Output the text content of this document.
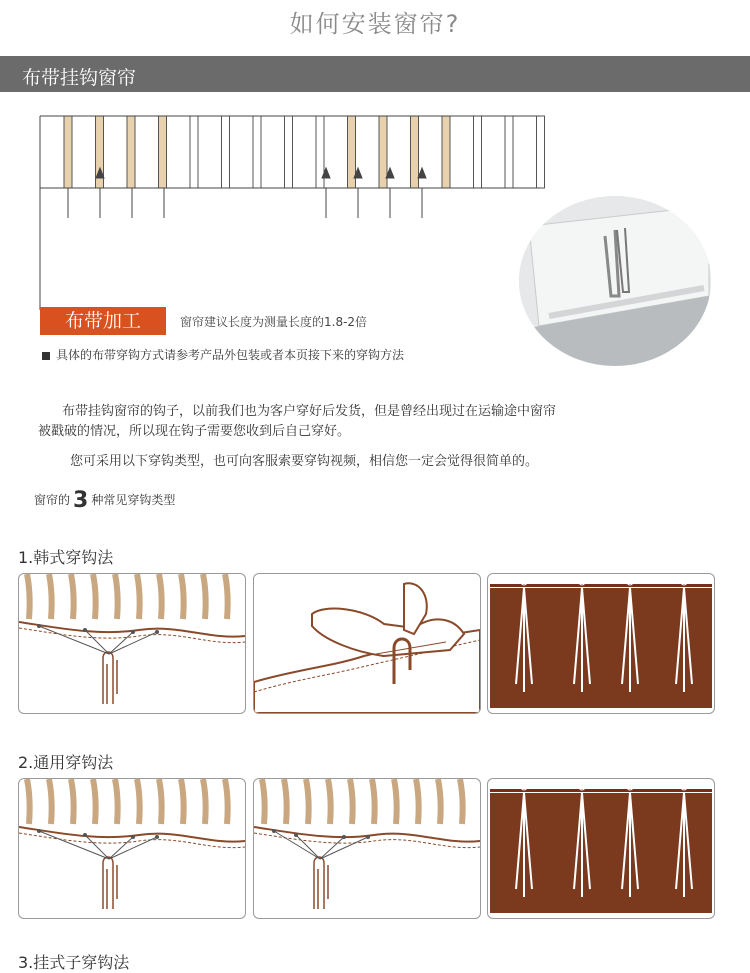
如何安装窗帘?
布带挂钩窗帘
布带加工	窗帘建议长度为测量长度的1.8-2倍
具体的布带穿钩方式请参考产品外包装或者本页接下来的穿钩方法
布带挂钩窗帘的钩子，以前我们也为客户穿好后发货，但是曾经出现过在运输途中窗帘
被戳破的情况，所以现在钩子需要您收到后自己穿好。
您可采用以下穿钩类型，也可向客服索要穿钩视频，相信您一定会觉得很简单的。
窗帘的 3 种常见穿钩类型
1.韩式穿钩法
2.通用穿钩法
3.挂式子穿钩法
